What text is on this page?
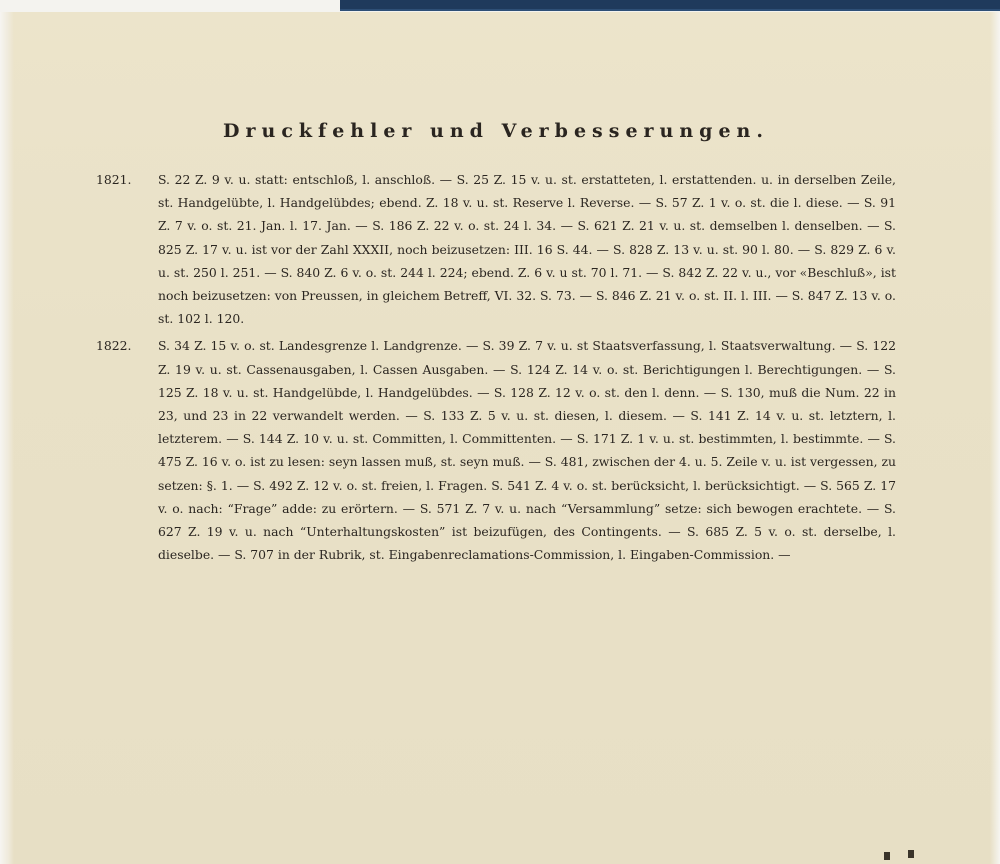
Druckfehler und Verbesserungen.
1821. S. 22 Z. 9 v. u. statt: entschloß, l. anschloß. — S. 25 Z. 15 v. u. st. erstatteten, l. erstattenden. u. in derselben Zeile, st. Handgelübte, l. Handgelübdes; ebend. Z. 18 v. u. st. Reserve l. Reverse. — S. 57 Z. 1 v. o. st. die l. diese. — S. 91 Z. 7 v. o. st. 21. Jan. l. 17. Jan. — S. 186 Z. 22 v. o. st. 24 l. 34. — S. 621 Z. 21 v. u. st. demselben l. denselben. — S. 825 Z. 17 v. u. ist vor der Zahl XXXII, noch beizusetzen: III. 16 S. 44. — S. 828 Z. 13 v. u. st. 90 l. 80. — S. 829 Z. 6 v. u. st. 250 l. 251. — S. 840 Z. 6 v. o. st. 244 l. 224; ebend. Z. 6 v. u st. 70 l. 71. — S. 842 Z. 22 v. u., vor «Beschluß», ist noch beizusetzen: von Preussen, in gleichem Betreff, VI. 32. S. 73. — S. 846 Z. 21 v. o. st. II. l. III. — S. 847 Z. 13 v. o. st. 102 l. 120.
1822. S. 34 Z. 15 v. o. st. Landesgrenze l. Landgrenze. — S. 39 Z. 7 v. u. st Staatsverfassung, l. Staatsverwaltung. — S. 122 Z. 19 v. u. st. Cassenausgaben, l. Cassen Ausgaben. — S. 124 Z. 14 v. o. st. Berichtigungen l. Berechtigungen. — S. 125 Z. 18 v. u. st. Handgelübde, l. Handgelübdes. — S. 128 Z. 12 v. o. st. den l. denn. — S. 130, muß die Num. 22 in 23, und 23 in 22 verwandelt werden. — S. 133 Z. 5 v. u. st. diesen, l. diesem. — S. 141 Z. 14 v. u. st. letztern, l. letzterem. — S. 144 Z. 10 v. u. st. Committen, l. Committenten. — S. 171 Z. 1 v. u. st. bestimmten, l. bestimmte. — S. 475 Z. 16 v. o. ist zu lesen: seyn lassen muß, st. seyn muß. — S. 481, zwischen der 4. u. 5. Zeile v. u. ist vergessen, zu setzen: §. 1. — S. 492 Z. 12 v. o. st. freien, l. Fragen. S. 541 Z. 4 v. o. st. berücksicht, l. berücksichtigt. — S. 565 Z. 17 v. o. nach: “Frage” adde: zu erörtern. — S. 571 Z. 7 v. u. nach “Versammlung” setze: sich bewogen erachtete. — S. 627 Z. 19 v. u. nach “Unterhaltungskosten” ist beizufügen, des Contingents. — S. 685 Z. 5 v. o. st. derselbe, l. dieselbe. — S. 707 in der Rubrik, st. Eingabenreclamations-Commission, l. Eingaben-Commission. —
